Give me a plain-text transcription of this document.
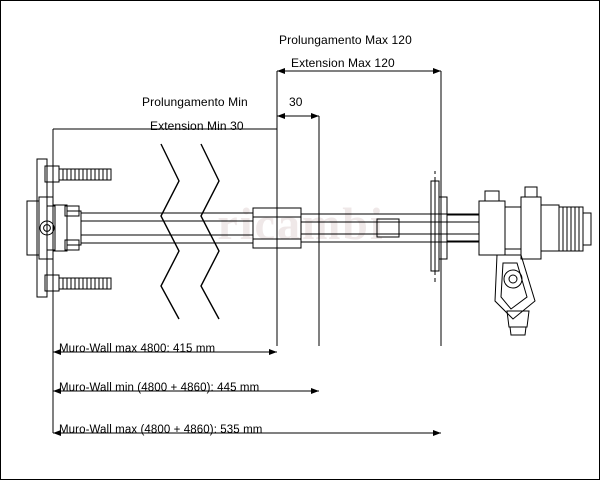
ricambi
Prolungamento Max 120
Extension Max 120
Prolungamento Min	30
Extension Min 30
Muro-Wall max 4800: 415 mm
Muro-Wall min (4800 + 4860): 445 mm
Muro-Wall max (4800 + 4860): 535 mm
